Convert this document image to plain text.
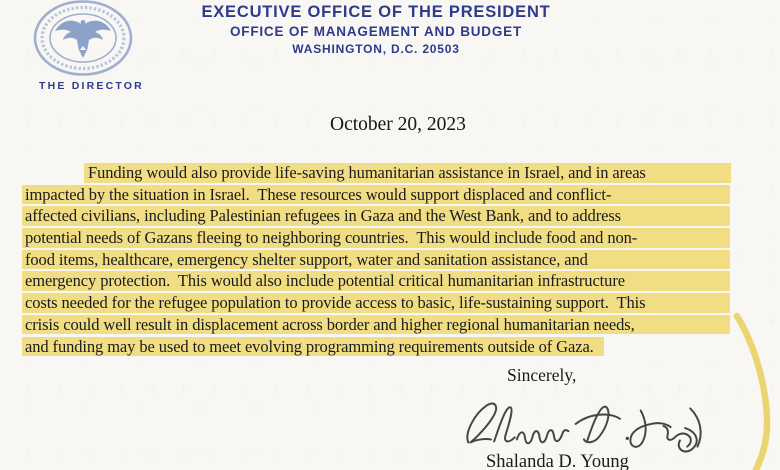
EXECUTIVE OFFICE OF THE PRESIDENT
OFFICE OF MANAGEMENT AND BUDGET
WASHINGTON, D.C. 20503
THE DIRECTOR
October 20, 2023
Funding would also provide life-saving humanitarian assistance in Israel, and in areas
impacted by the situation in Israel.  These resources would support displaced and conflict-
affected civilians, including Palestinian refugees in Gaza and the West Bank, and to address
potential needs of Gazans fleeing to neighboring countries.  This would include food and non-
food items, healthcare, emergency shelter support, water and sanitation assistance, and
emergency protection.  This would also include potential critical humanitarian infrastructure
costs needed for the refugee population to provide access to basic, life-sustaining support.  This
crisis could well result in displacement across border and higher regional humanitarian needs,
and funding may be used to meet evolving programming requirements outside of Gaza.
Sincerely,
Shalanda D. Young
